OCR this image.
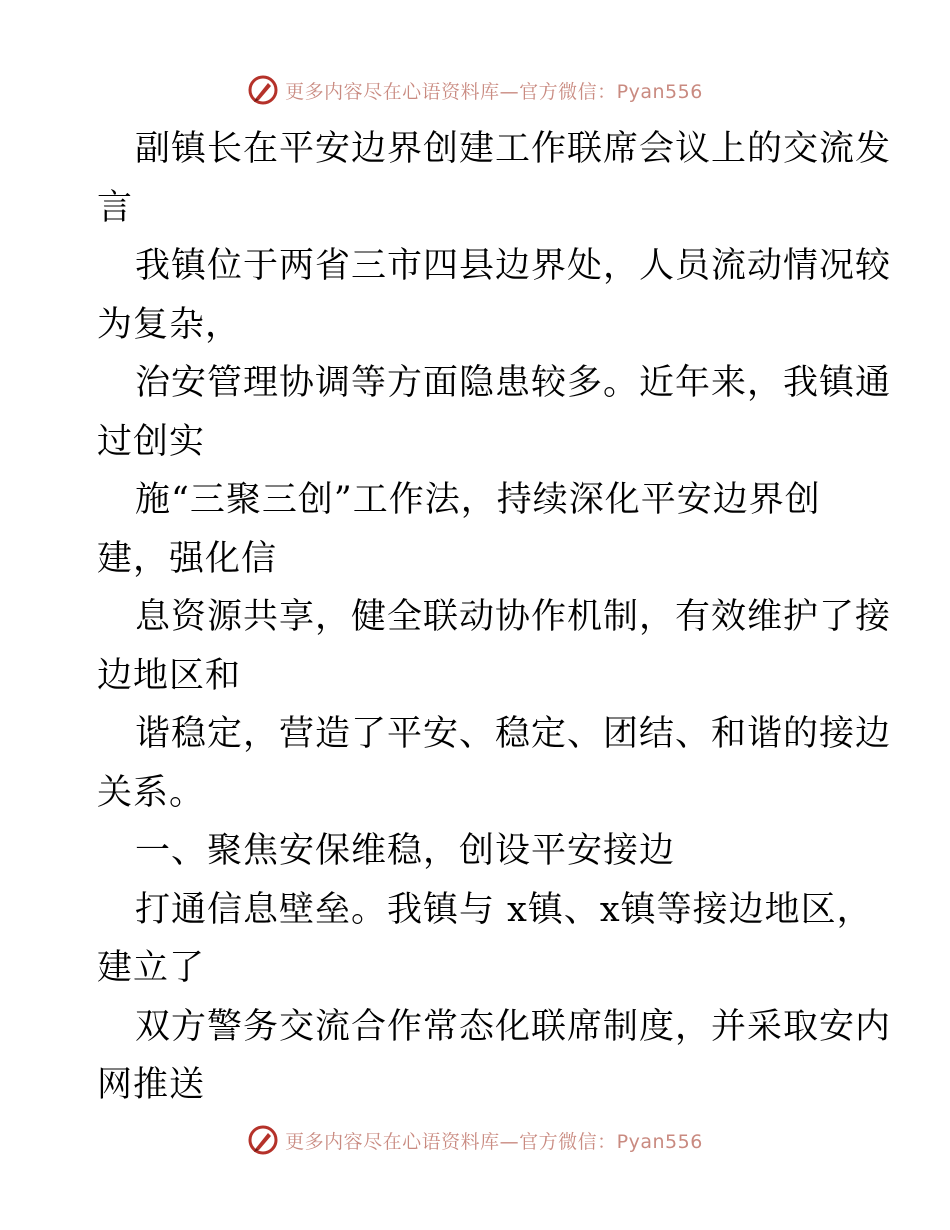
更多内容尽在心语资料库—官方微信：Pyan556
副镇长在平安边界创建工作联席会议上的交流发
言
我镇位于两省三市四县边界处，人员流动情况较
为复杂，
治安管理协调等方面隐患较多。近年来，我镇通
过创实
施“三聚三创”工作法，持续深化平安边界创
建，强化信
息资源共享，健全联动协作机制，有效维护了接
边地区和
谐稳定，营造了平安、稳定、团结、和谐的接边
关系。
一、聚焦安保维稳，创设平安接边
打通信息壁垒。我镇与 x镇、x镇等接边地区，
建立了
双方警务交流合作常态化联席制度，并采取安内
网推送
更多内容尽在心语资料库—官方微信：Pyan556
